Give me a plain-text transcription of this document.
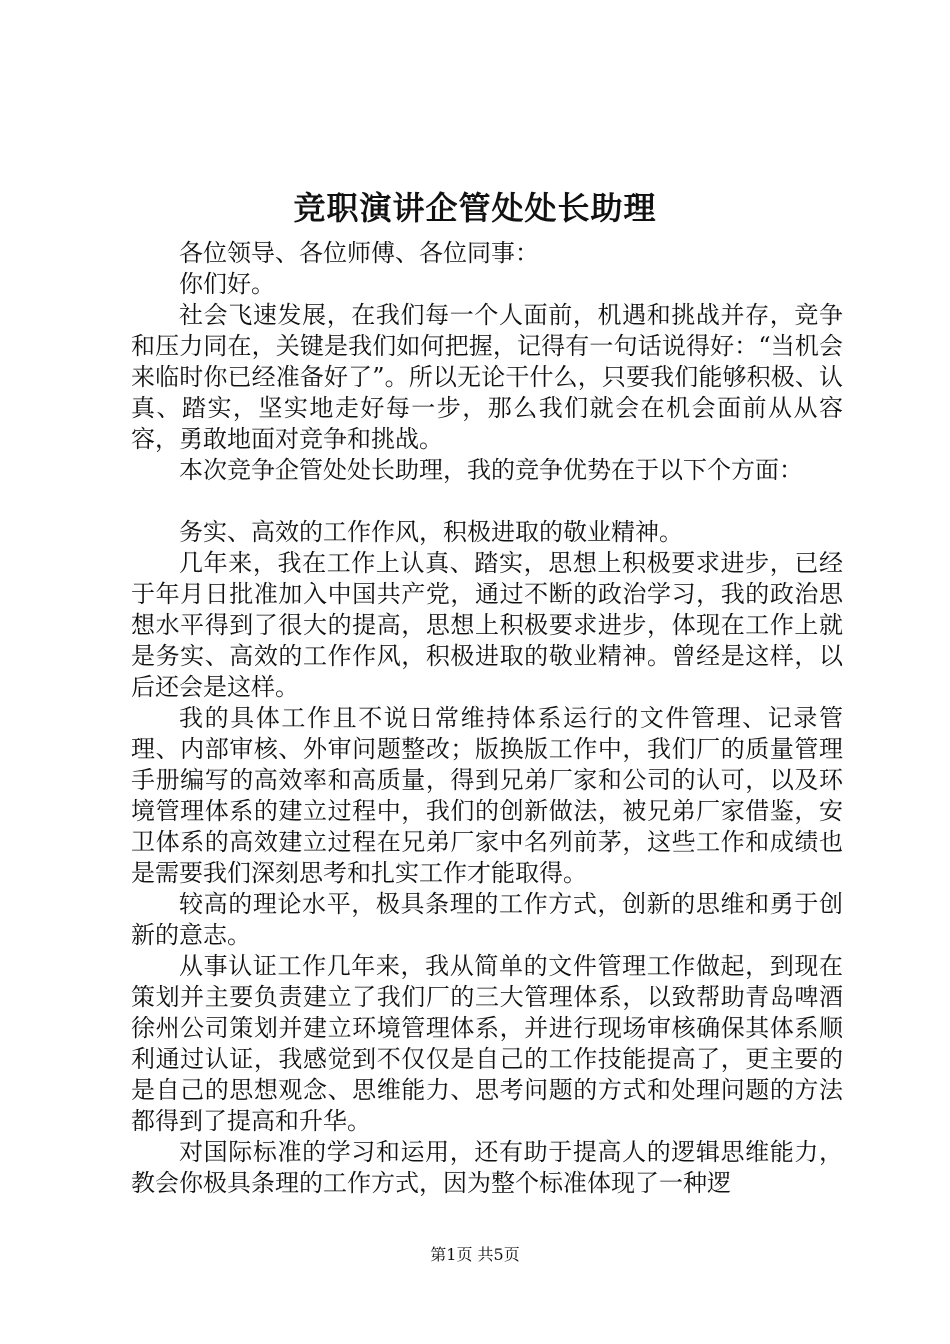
竞职演讲企管处处长助理

各位领导、各位师傅、各位同事：

你们好。

社会飞速发展，在我们每一个人面前，机遇和挑战并存，竞争和压力同在，关键是我们如何把握，记得有一句话说得好：“当机会来临时你已经准备好了”。所以无论干什么，只要我们能够积极、认真、踏实，坚实地走好每一步，那么我们就会在机会面前从从容容，勇敢地面对竞争和挑战。

本次竞争企管处处长助理，我的竞争优势在于以下个方面：

务实、高效的工作作风，积极进取的敬业精神。

几年来，我在工作上认真、踏实，思想上积极要求进步，已经于年月日批准加入中国共产党，通过不断的政治学习，我的政治思想水平得到了很大的提高，思想上积极要求进步，体现在工作上就是务实、高效的工作作风，积极进取的敬业精神。曾经是这样，以后还会是这样。

我的具体工作且不说日常维持体系运行的文件管理、记录管理、内部审核、外审问题整改；版换版工作中，我们厂的质量管理手册编写的高效率和高质量，得到兄弟厂家和公司的认可，以及环境管理体系的建立过程中，我们的创新做法，被兄弟厂家借鉴，安卫体系的高效建立过程在兄弟厂家中名列前茅，这些工作和成绩也是需要我们深刻思考和扎实工作才能取得。

较高的理论水平，极具条理的工作方式，创新的思维和勇于创新的意志。

从事认证工作几年来，我从简单的文件管理工作做起，到现在策划并主要负责建立了我们厂的三大管理体系，以致帮助青岛啤酒徐州公司策划并建立环境管理体系，并进行现场审核确保其体系顺利通过认证，我感觉到不仅仅是自己的工作技能提高了，更主要的是自己的思想观念、思维能力、思考问题的方式和处理问题的方法都得到了提高和升华。

对国际标准的学习和运用，还有助于提高人的逻辑思维能力，教会你极具条理的工作方式，因为整个标准体现了一种逻

第1页 共5页
